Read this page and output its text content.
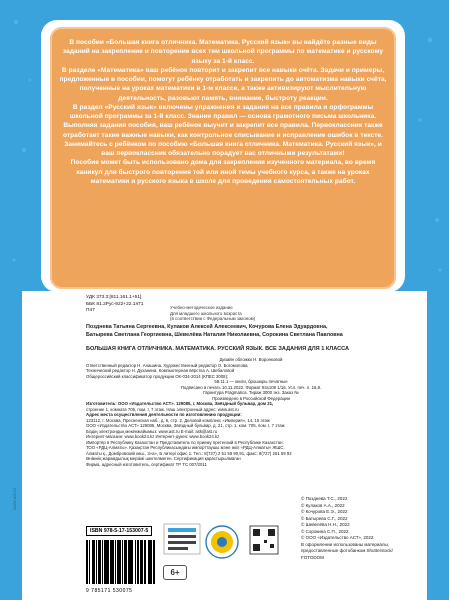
В пособии «Большая книга отличника. Математика. Русский язык» вы найдёте разные виды заданий на закрепление и повторение всех тем школьной программы по математике и русскому языку за 1-й класс.

В разделе «Математика» ваш ребёнок повторит и закрепит все навыки счёта. Задачи и примеры, предложенные в пособии, помогут ребёнку отработать и закрепить до автоматизма навыки счёта, полученные на уроках математики в 1-м классе, а также активизируют мыслительную деятельность, разовьют память, внимание, быстроту реакции.

В раздел «Русский язык» включены упражнения и задания на все правила и орфограммы школьной программы за 1-й класс. Знание правил — основа грамотного письма школьника. Выполняя задания пособия, ваш ребёнок выучит и закрепит все правила. Первоклассник также отработает такие важные навыки, как контрольное списывание и исправление ошибок в тексте.

Занимайтесь с ребёнком по пособию «Большая книга отличника. Математика. Русский язык», и ваш первоклассник обязательно порадует вас отличными результатами!

Пособие может быть использовано дома для закрепления изученного материала, во время каникул для быстрого повторения той или иной темы учебного курса, а также на уроках математики и русского языка в школе для проведения самостоятельных работ.

www.ast.ru
УДК 373.3:[811.161.1+51]
ББК 81.2Рус-922+22.1я71
П47
Учебно-методическое издание
Для младшего школьного возраста
(в соответствии с Федеральным законом)
Позднева Татьяна Сергеевна, Кулаков Алексей Алексеевич, Кочурова Елена Эдуардовна,
Батырева Светлана Георгиевна, Шевелёва Наталия Николаевна, Сорокина Светлана Павловна
БОЛЬШАЯ КНИГА ОТЛИЧНИКА. МАТЕМАТИКА. РУССКИЙ ЯЗЫК. ВСЕ ЗАДАНИЯ ДЛЯ 1 КЛАССА
Дизайн обложки Н. Воронковой
Ответственный редактор Н. Анашина. Художественный редактор О. Богомолова
Технический редактор Н. Духанина. Компьютерная вёрстка А. Шебаловой
Общероссийский классификатор продукции ОК-034-2014 (КПЕС 2008);
58.11.1 — книги, брошюры печатные
Подписано в печать 10.11.2022. Формат 84x108 1/16. Усл. печ. л. 16,8.
Гарнитура Pragmatica. Тираж 3000 экз. Заказ №
Произведено в Российской Федерации
Изготовитель: ООО «Издательство АСТ». 129085, г. Москва, Звёздный бульвар, дом 21,
строение 1, комната 705, пом. I, 7 этаж. Наш электронный адрес: www.ast.ru
Адрес места осуществления деятельности по изготовлению продукции:
123112, г. Москва, Пресненская наб., д. 6, стр. 2, Деловой комплекс «Империя», 14, 15 этаж
ООО «Издательство АСТ» 129085, Москва, Звёздный бульвар, д. 21, стр. 1, ком. 705, пом. I, 7 этаж
Біздің электрондық мекенжайымыз: www.ast.ru E-mail: ask@ast.ru
Интернет-магазин: www.book24.kz Интернет-дүкен: www.book24.kz
Импортёр в Республику Казахстан и Представитель по приему претензий в Республике Казахстан:
ТОО «РДЦ-Алматы». Қазақстан Республикасындағы импорттаушы және өкіл «РДЦ-Алматы» ЖШС,
Алматы қ., Домбровский көш., 3«а», Б литері офис 1. Тел.: 8(727) 2 51 59 90,91, факс: 8(727) 251 59 92
Өнімнің жарамдылық мерзімі шектелмеген. Сертификация қарастырылмаған
Фирма, адресный изготовитель, сертификат ТР ТС 007/2011
© Позднева Т.С., 2022
© Кулаков А.А., 2022
© Кочурова Е.Э., 2022
© Батырева С.Г., 2022
© Шевелёва Н.Н., 2022
© Сорокина С.П., 2022
© ООО «Издательство АСТ», 2022
В оформлении использованы материалы,
предоставленные фотобанком Shutterstock/
FOTODOM
ISBN 978-5-17-153007-5
9 785171 530075
6+
